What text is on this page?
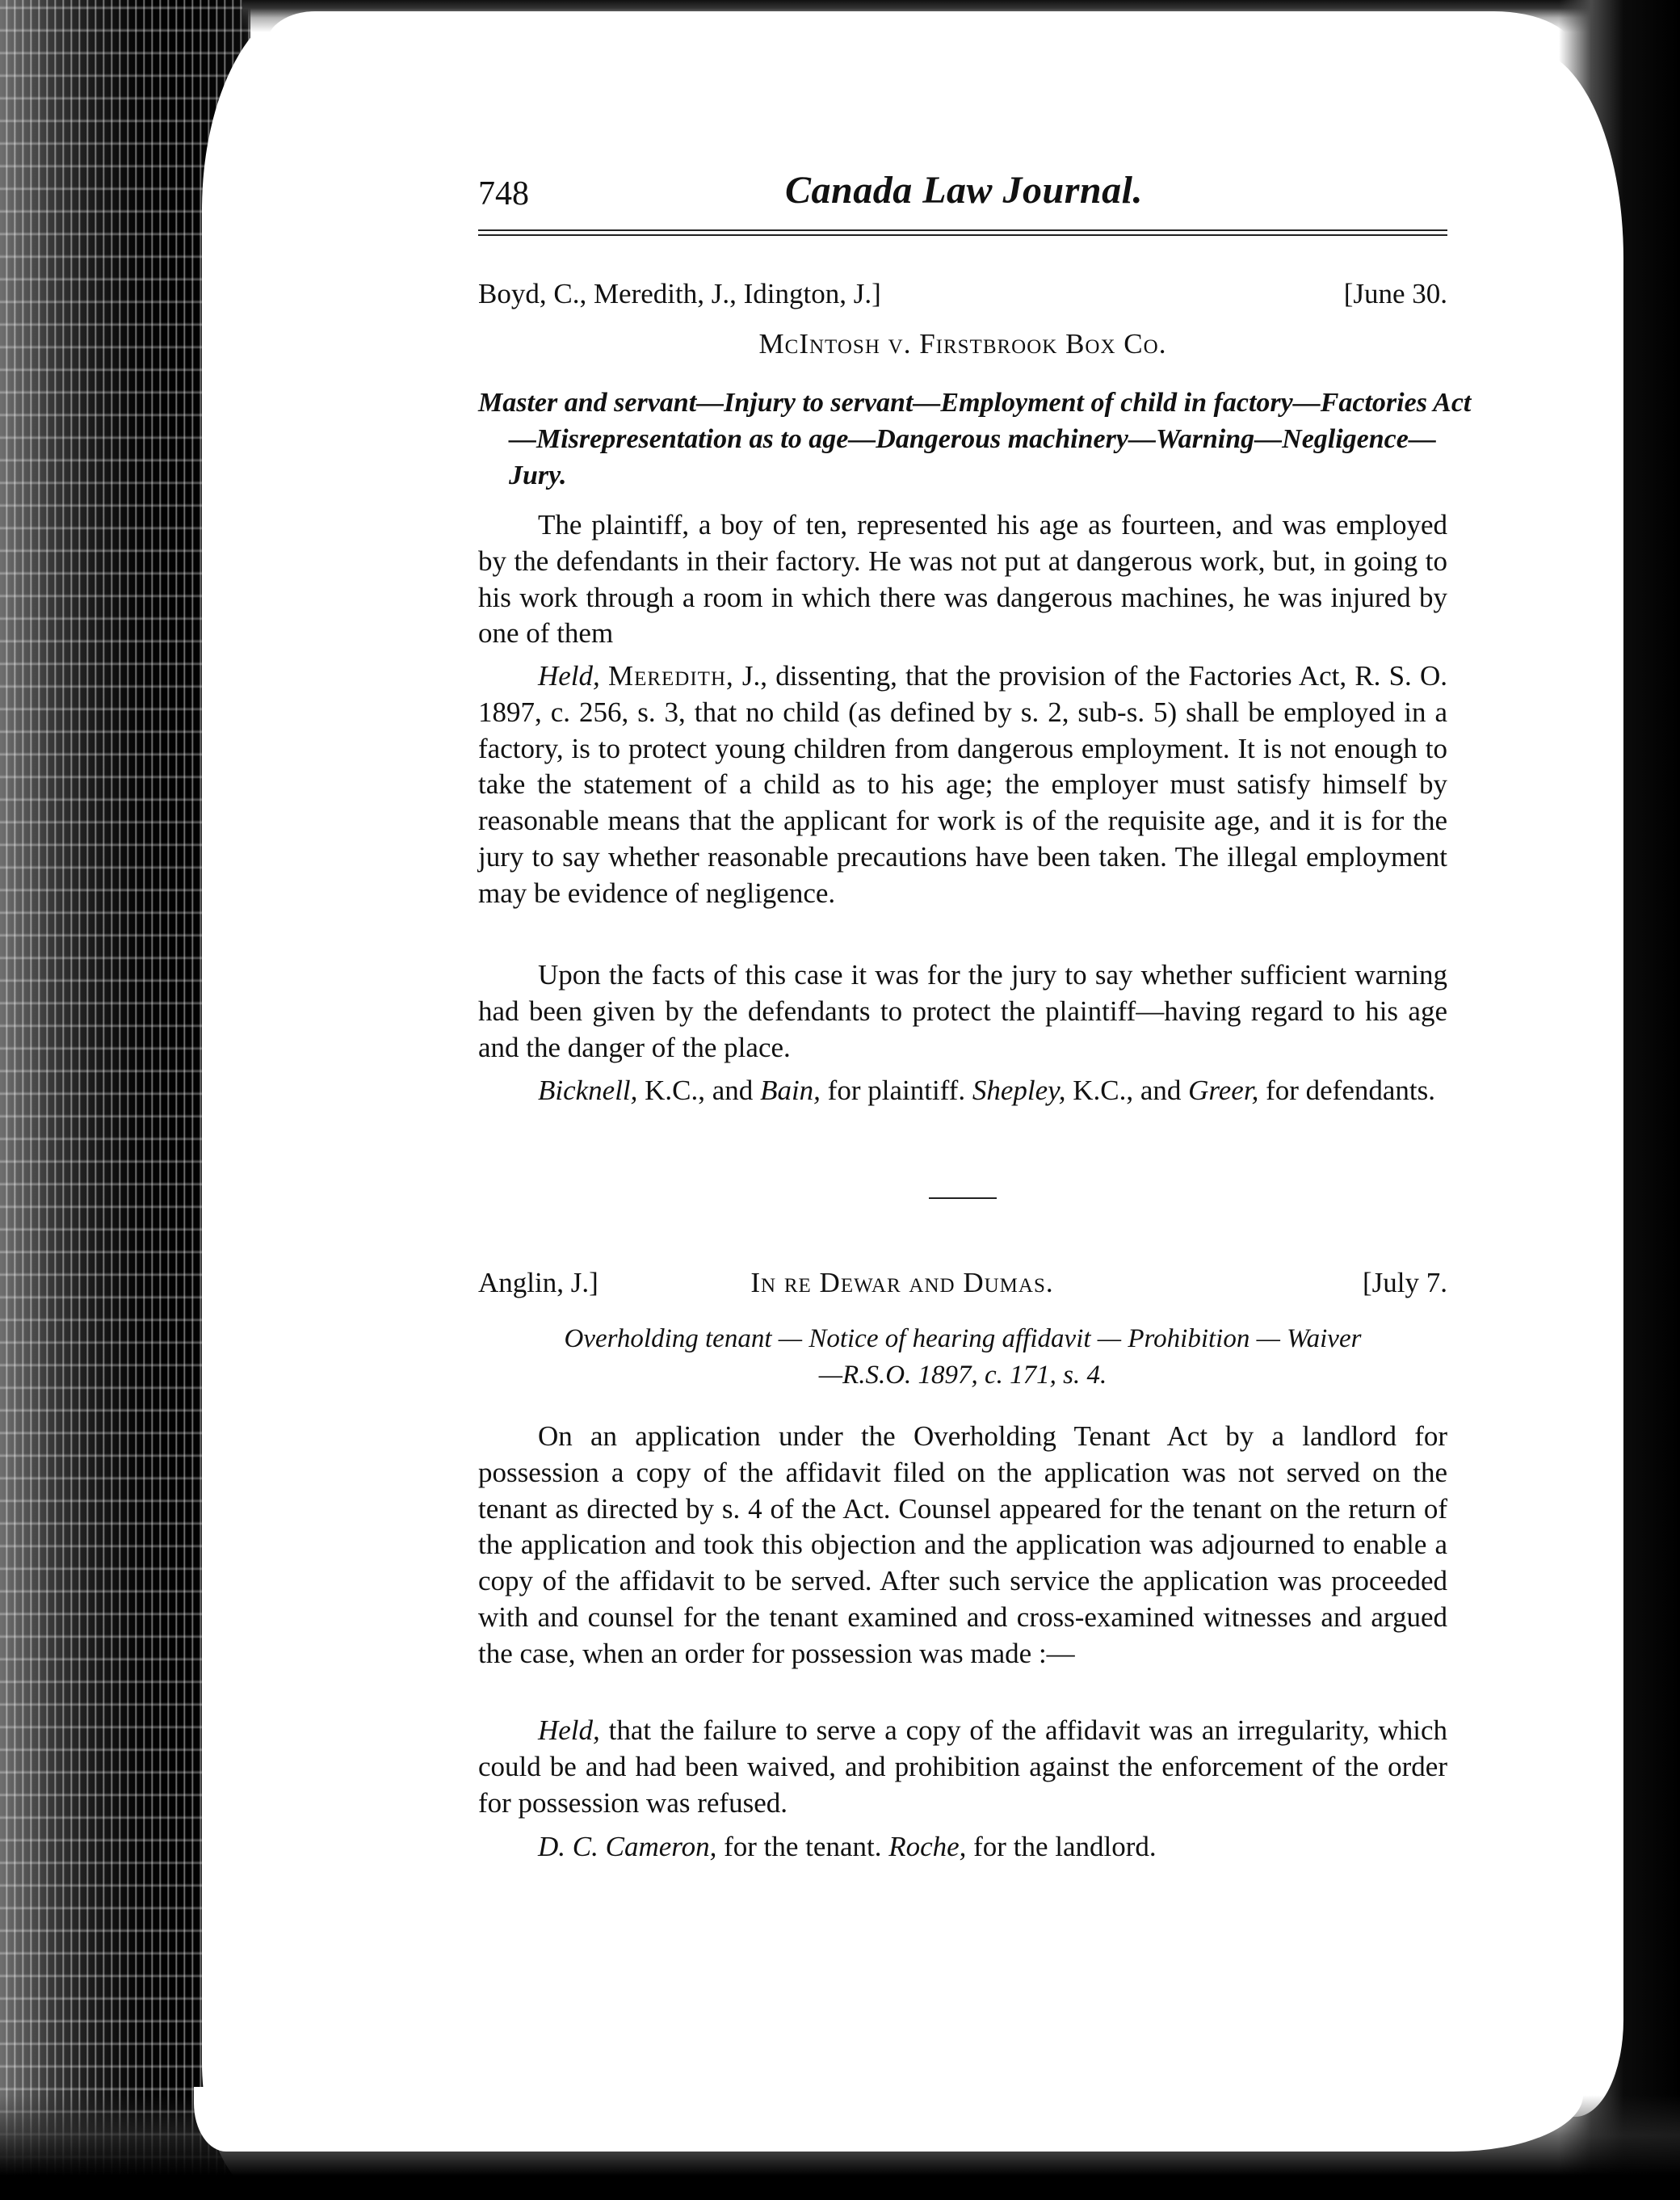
748	Canada Law Journal.
Boyd, C., Meredith, J., Idington, J.]	[June 30.
McIntosh v. Firstbrook Box Co.
Master and servant—Injury to servant—Employment of child in factory—Factories Act—Misrepresentation as to age—Dangerous machinery—Warning—Negligence—Jury.
The plaintiff, a boy of ten, represented his age as fourteen, and was employed by the defendants in their factory. He was not put at dangerous work, but, in going to his work through a room in which there was dangerous machines, he was injured by one of them
Held, Meredith, J., dissenting, that the provision of the Factories Act, R. S. O. 1897, c. 256, s. 3, that no child (as defined by s. 2, sub-s. 5) shall be employed in a factory, is to protect young children from dangerous employment. It is not enough to take the statement of a child as to his age; the employer must satisfy himself by reasonable means that the applicant for work is of the requisite age, and it is for the jury to say whether reasonable precautions have been taken. The illegal employment may be evidence of negligence.
Upon the facts of this case it was for the jury to say whether sufficient warning had been given by the defendants to protect the plaintiff—having regard to his age and the danger of the place.
Bicknell, K.C., and Bain, for plaintiff. Shepley, K.C., and Greer, for defendants.
Anglin, J.]	In re Dewar and Dumas.	[July 7.
Overholding tenant — Notice of hearing affidavit — Prohibition — Waiver
—R.S.O. 1897, c. 171, s. 4.
On an application under the Overholding Tenant Act by a landlord for possession a copy of the affidavit filed on the application was not served on the tenant as directed by s. 4 of the Act. Counsel appeared for the tenant on the return of the application and took this objection and the application was adjourned to enable a copy of the affidavit to be served. After such service the application was proceeded with and counsel for the tenant examined and cross-examined witnesses and argued the case, when an order for possession was made :—
Held, that the failure to serve a copy of the affidavit was an irregularity, which could be and had been waived, and prohibition against the enforcement of the order for possession was refused.
D. C. Cameron, for the tenant. Roche, for the landlord.
